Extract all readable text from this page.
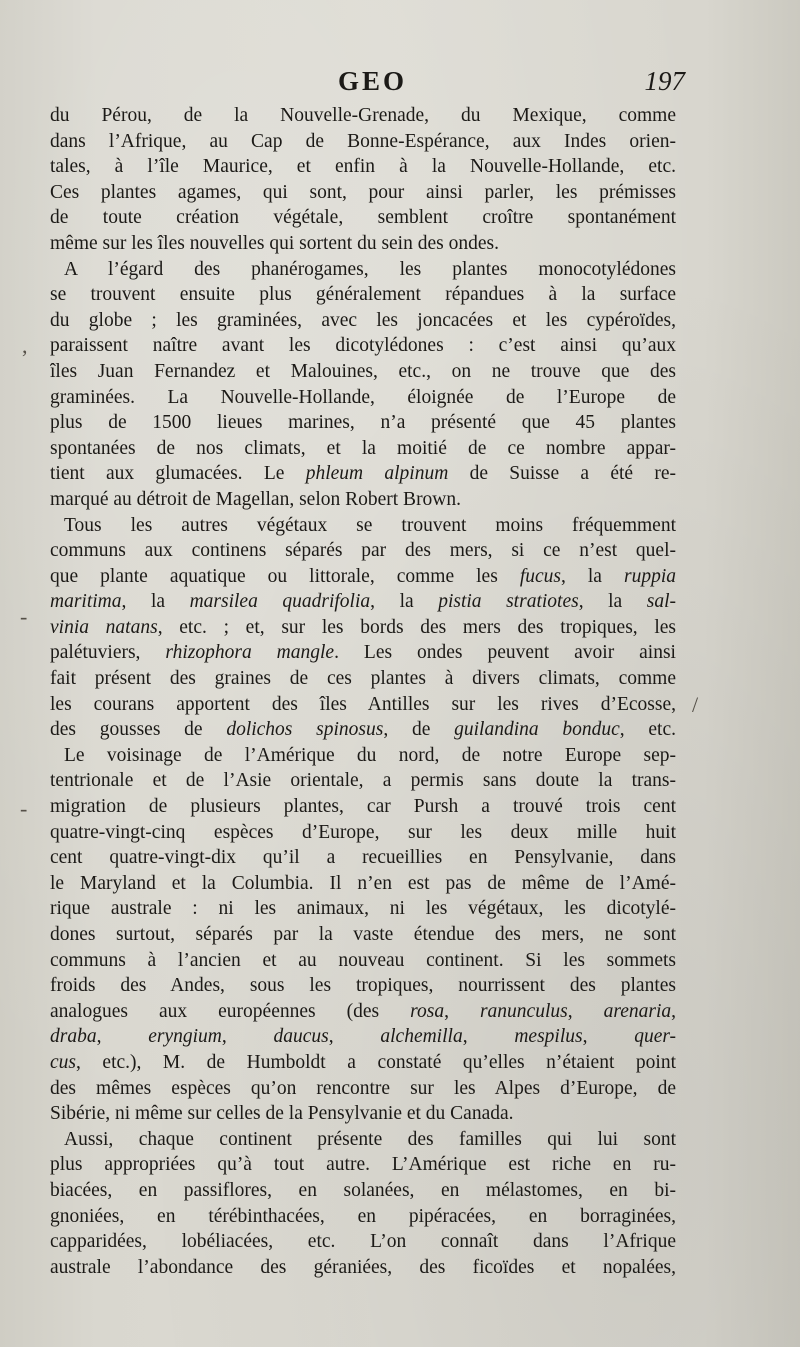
GEO	197
du Pérou, de la Nouvelle-Grenade, du Mexique, comme
dans l’Afrique, au Cap de Bonne-Espérance, aux Indes orien-
tales, à l’île Maurice, et enfin à la Nouvelle-Hollande, etc.
Ces plantes agames, qui sont, pour ainsi parler, les prémisses
de toute création végétale, semblent croître spontanément
même sur les îles nouvelles qui sortent du sein des ondes.
A l’égard des phanérogames, les plantes monocotylédones
se trouvent ensuite plus généralement répandues à la surface
du globe ; les graminées, avec les joncacées et les cypéroïdes,
paraissent naître avant les dicotylédones : c’est ainsi qu’aux
îles Juan Fernandez et Malouines, etc., on ne trouve que des
graminées. La Nouvelle-Hollande, éloignée de l’Europe de
plus de 1500 lieues marines, n’a présenté que 45 plantes
spontanées de nos climats, et la moitié de ce nombre appar-
tient aux glumacées. Le phleum alpinum de Suisse a été re-
marqué au détroit de Magellan, selon Robert Brown.
Tous les autres végétaux se trouvent moins fréquemment
communs aux continens séparés par des mers, si ce n’est quel-
que plante aquatique ou littorale, comme les fucus, la ruppia
maritima, la marsilea quadrifolia, la pistia stratiotes, la sal-
vinia natans, etc. ; et, sur les bords des mers des tropiques, les
palétuviers, rhizophora mangle. Les ondes peuvent avoir ainsi
fait présent des graines de ces plantes à divers climats, comme
les courans apportent des îles Antilles sur les rives d’Ecosse,
des gousses de dolichos spinosus, de guilandina bonduc, etc.
Le voisinage de l’Amérique du nord, de notre Europe sep-
tentrionale et de l’Asie orientale, a permis sans doute la trans-
migration de plusieurs plantes, car Pursh a trouvé trois cent
quatre-vingt-cinq espèces d’Europe, sur les deux mille huit
cent quatre-vingt-dix qu’il a recueillies en Pensylvanie, dans
le Maryland et la Columbia. Il n’en est pas de même de l’Amé-
rique australe : ni les animaux, ni les végétaux, les dicotylé-
dones surtout, séparés par la vaste étendue des mers, ne sont
communs à l’ancien et au nouveau continent. Si les sommets
froids des Andes, sous les tropiques, nourrissent des plantes
analogues aux européennes (des rosa, ranunculus, arenaria,
draba, eryngium, daucus, alchemilla, mespilus, quer-
cus, etc.), M. de Humboldt a constaté qu’elles n’étaient point
des mêmes espèces qu’on rencontre sur les Alpes d’Europe, de
Sibérie, ni même sur celles de la Pensylvanie et du Canada.
Aussi, chaque continent présente des familles qui lui sont
plus appropriées qu’à tout autre. L’Amérique est riche en ru-
biacées, en passiflores, en solanées, en mélastomes, en bi-
gnoniées, en térébinthacées, en pipéracées, en borraginées,
capparidées, lobéliacées, etc. L’on connaît dans l’Afrique
australe l’abondance des géraniées, des ficoïdes et nopalées,
,
/
-
-
